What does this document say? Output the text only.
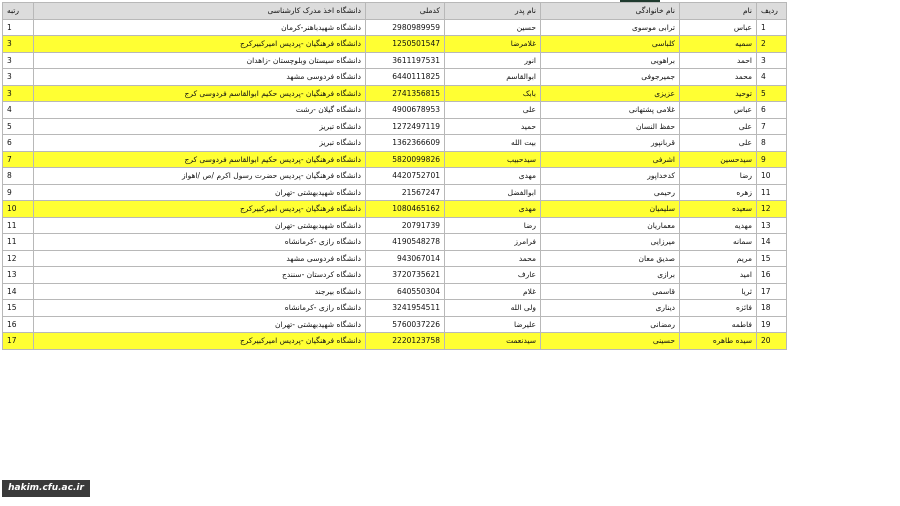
رتبه	دانشگاه اخذ مدرک کارشناسی	کدملی	نام پدر	نام خانوادگی	نام	ردیف
1	دانشگاه شهیدباهنر-کرمان	2980989959	حسین	ترابی موسوی	عباس	1
3	دانشگاه فرهنگیان -پردیس امیرکبیرکرج	1250501547	غلامرضا	کلباسی	سمیه	2
3	دانشگاه سیستان وبلوچستان -زاهدان	3611197531	انور	براهویی	احمد	3
3	دانشگاه فردوسی مشهد	6440111825	ابوالقاسم	جمیرجوفی	محمد	4
3	دانشگاه فرهنگیان -پردیس حکیم ابوالقاسم فردوسی کرج	2741356815	بابک	عزیزی	توحید	5
4	دانشگاه گیلان -رشت	4900678953	علی	غلامی پشتهانی	عباس	6
5	دانشگاه تبریز	1272497119	حمید	حفظ النسان	علی	7
6	دانشگاه تبریز	1362366609	بیت الله	قربانپور	علی	8
7	دانشگاه فرهنگیان -پردیس حکیم ابوالقاسم فردوسی کرج	5820099826	سیدحبیب	اشرفی	سیدحسین	9
8	دانشگاه فرهنگیان -پردیس حضرت رسول اکرم /ص /اهواز	4420752701	مهدی	کدخداپور	رضا	10
9	دانشگاه شهیدبهشتی -تهران	21567247	ابوالفضل	رحیمی	زهره	11
10	دانشگاه فرهنگیان -پردیس امیرکبیرکرج	1080465162	مهدی	سلیمیان	سعیده	12
11	دانشگاه شهیدبهشتی -تهران	20791739	رضا	معماریان	مهدیه	13
11	دانشگاه رازی -کرمانشاه	4190548278	فرامرز	میرزایی	سمانه	14
12	دانشگاه فردوسی مشهد	943067014	محمد	صدیق معان	مریم	15
13	دانشگاه کردستان -سنندج	3720735621	عارف	برازی	امید	16
14	دانشگاه بیرجند	640550304	غلام	قاسمی	ثریا	17
15	دانشگاه رازی -کرمانشاه	3241954511	ولی الله	دیناری	فائزه	18
16	دانشگاه شهیدبهشتی -تهران	5760037226	علیرضا	رمضانی	فاطمه	19
17	دانشگاه فرهنگیان -پردیس امیرکبیرکرج	2220123758	سیدنعمت	حسینی	سیده طاهره	20
hakim.cfu.ac.ir
